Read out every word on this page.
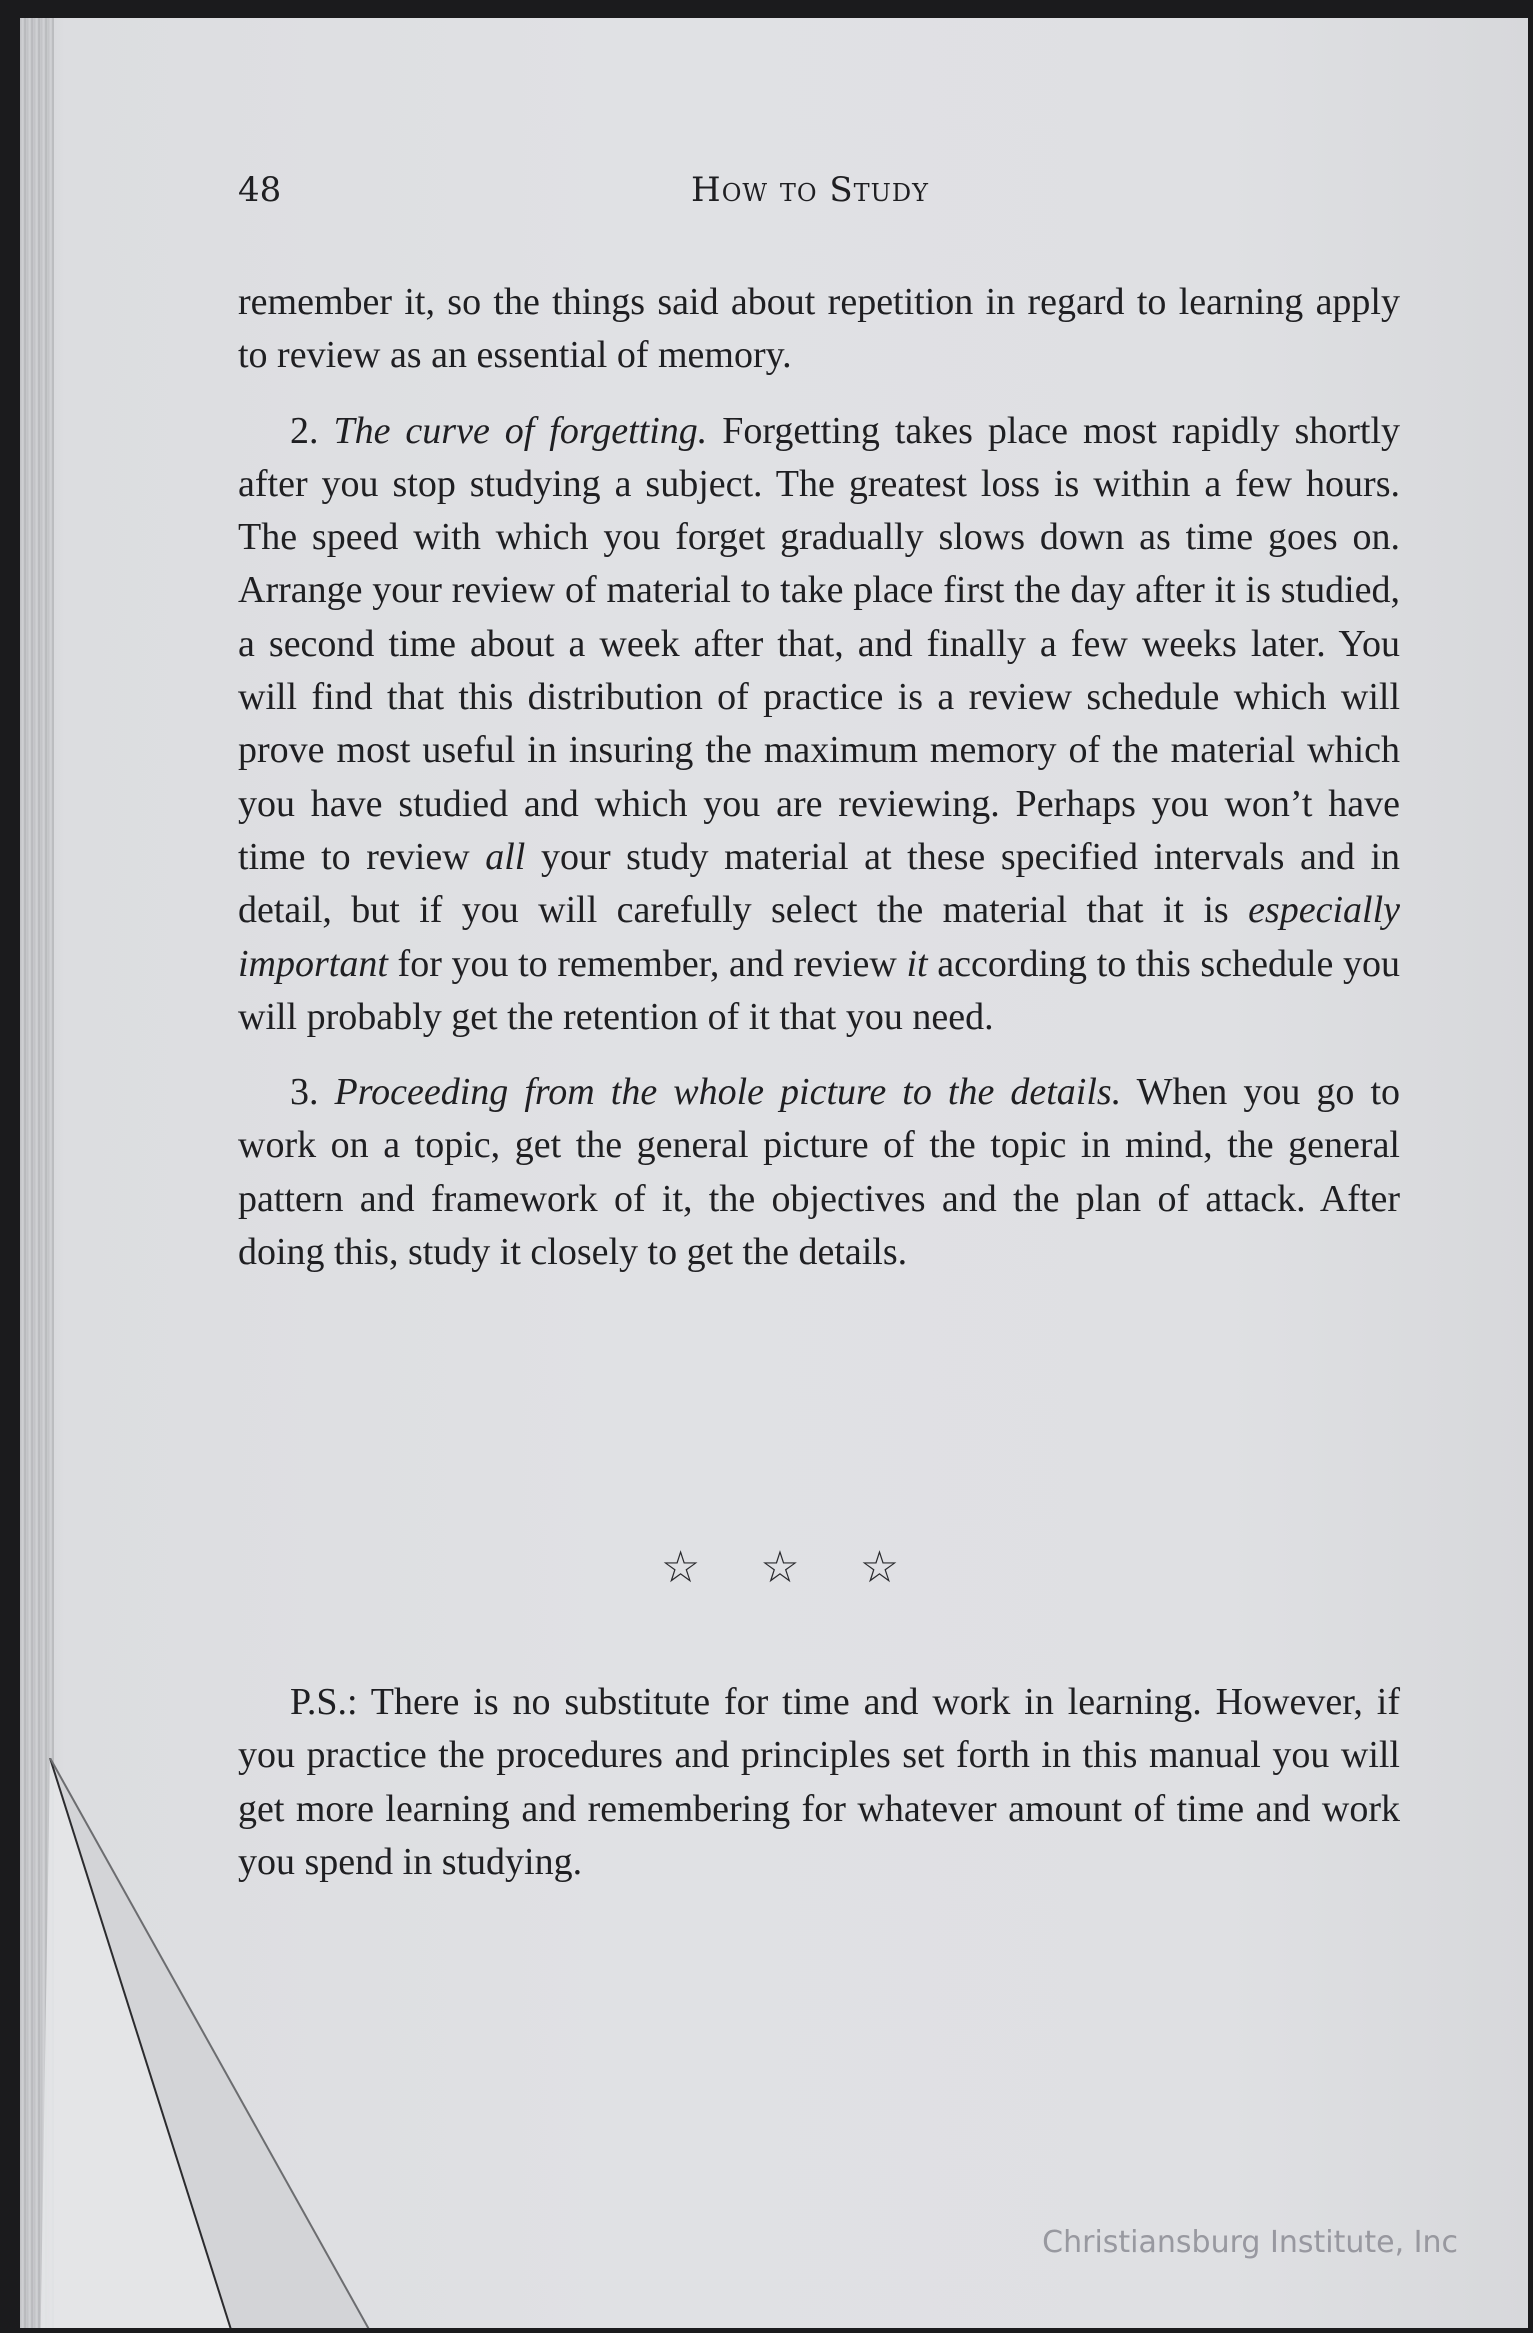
48	How to Study

remember it, so the things said about repetition in regard to learning apply to review as an essential of memory.

2. The curve of forgetting. Forgetting takes place most rapidly shortly after you stop studying a subject. The greatest loss is within a few hours. The speed with which you forget gradually slows down as time goes on. Arrange your review of material to take place first the day after it is studied, a second time about a week after that, and finally a few weeks later. You will find that this distribution of practice is a review schedule which will prove most useful in insuring the maximum memory of the material which you have studied and which you are reviewing. Perhaps you won’t have time to review all your study material at these specified intervals and in detail, but if you will carefully select the material that it is especially important for you to remember, and review it according to this schedule you will probably get the retention of it that you need.

3. Proceeding from the whole picture to the details. When you go to work on a topic, get the general picture of the topic in mind, the general pattern and framework of it, the objectives and the plan of attack. After doing this, study it closely to get the details.

☆☆☆

P.S.: There is no substitute for time and work in learning. However, if you practice the procedures and principles set forth in this manual you will get more learning and remembering for whatever amount of time and work you spend in studying.

Christiansburg Institute, Inc
